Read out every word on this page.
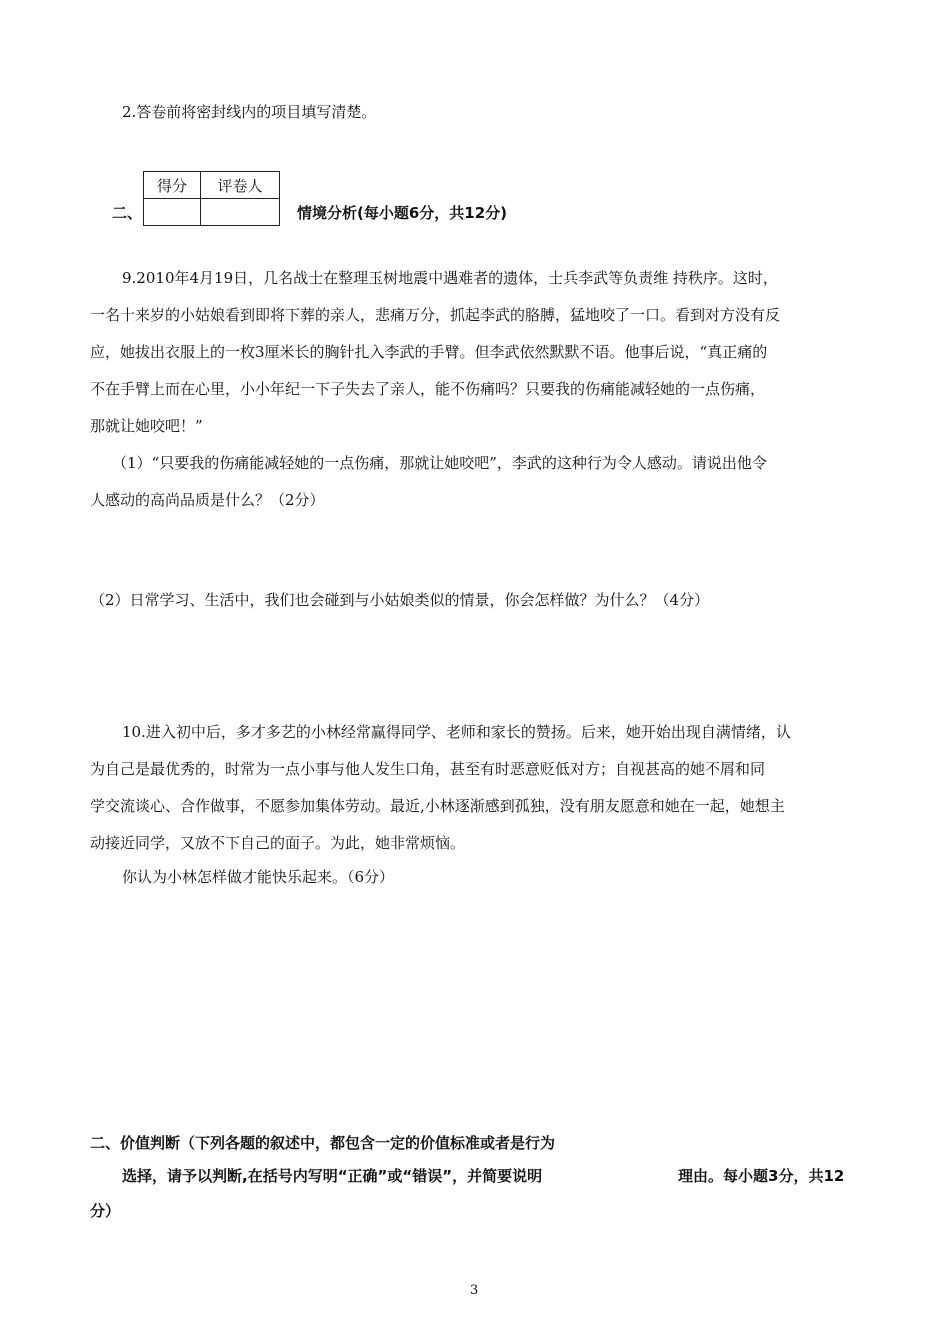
2.答卷前将密封线内的项目填写清楚。
得分	评卷人

二、	情境分析(每小题6分，共12分)
9.2010年4月19日，几名战士在整理玉树地震中遇难者的遗体，士兵李武等负责维 持秩序。这时，
一名十来岁的小姑娘看到即将下葬的亲人，悲痛万分，抓起李武的胳膊，猛地咬了一口。看到对方没有反
应，她拔出衣服上的一枚3厘米长的胸针扎入李武的手臂。但李武依然默默不语。他事后说，“真正痛的
不在手臂上而在心里，小小年纪一下子失去了亲人，能不伤痛吗？只要我的伤痛能减轻她的一点伤痛，
那就让她咬吧！”
（1）“只要我的伤痛能减轻她的一点伤痛，那就让她咬吧”，李武的这种行为令人感动。请说出他令
人感动的高尚品质是什么？（2分）
（2）日常学习、生活中，我们也会碰到与小姑娘类似的情景，你会怎样做？为什么？（4分）
10.进入初中后，多才多艺的小林经常赢得同学、老师和家长的赞扬。后来，她开始出现自满情绪，认
为自己是最优秀的，时常为一点小事与他人发生口角，甚至有时恶意贬低对方；自视甚高的她不屑和同
学交流谈心、合作做事，不愿参加集体劳动。最近,小林逐渐感到孤独，没有朋友愿意和她在一起，她想主
动接近同学，又放不下自己的面子。为此，她非常烦恼。
你认为小林怎样做才能快乐起来。（6分）
二、价值判断（下列各题的叙述中，都包含一定的价值标准或者是行为
选择，请予以判断,在括号内写明“正确”或“错误”，并简要说明	理由。每小题3分，共12
分）
3
